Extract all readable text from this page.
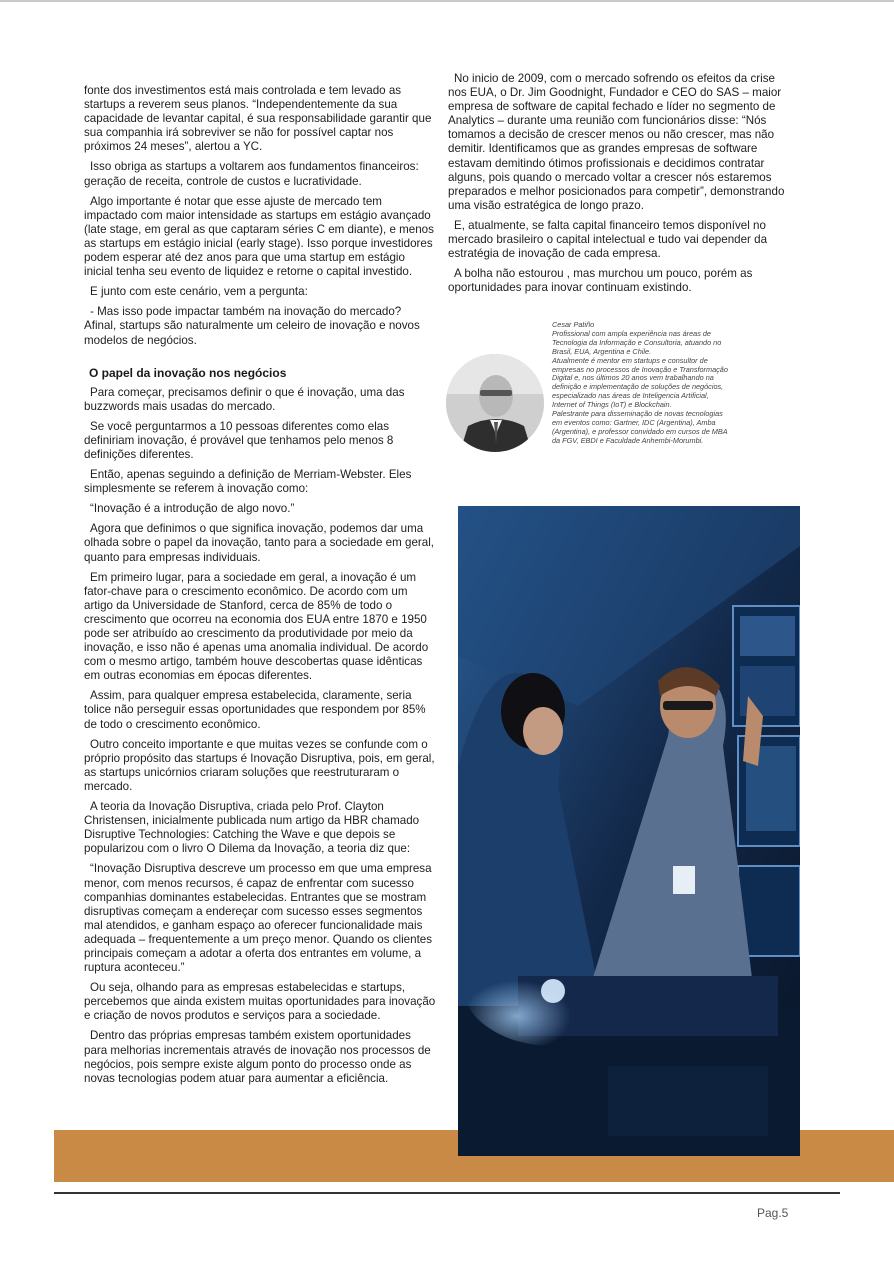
fonte dos investimentos está mais controlada e tem levado as startups a reverem seus planos. “Independentemente da sua capacidade de levantar capital, é sua responsabilidade garantir que sua companhia irá sobreviver se não for possível captar nos próximos 24 meses”, alertou a YC.

Isso obriga as startups a voltarem aos fundamentos financeiros: geração de receita, controle de custos e lucratividade.

Algo importante é notar que esse ajuste de mercado tem impactado com maior intensidade as startups em estágio avançado (late stage, em geral as que captaram séries C em diante), e menos as startups em estágio inicial (early stage). Isso porque investidores podem esperar até dez anos para que uma startup em estágio inicial tenha seu evento de liquidez e retorne o capital investido.

E junto com este cenário, vem a pergunta:

- Mas isso pode impactar também na inovação do mercado? Afinal, startups são naturalmente um celeiro de inovação e novos modelos de negócios.

O papel da inovação nos negócios

Para começar, precisamos definir o que é inovação, uma das buzzwords mais usadas do mercado.

Se você perguntarmos a 10 pessoas diferentes como elas definiriam inovação, é provável que tenhamos pelo menos 8 definições diferentes.

Então, apenas seguindo a definição de Merriam-Webster. Eles simplesmente se referem à inovação como:

“Inovação é a introdução de algo novo.”

Agora que definimos o que significa inovação, podemos dar uma olhada sobre o papel da inovação, tanto para a sociedade em geral, quanto para empresas individuais.

Em primeiro lugar, para a sociedade em geral, a inovação é um fator-chave para o crescimento econômico. De acordo com um artigo da Universidade de Stanford, cerca de 85% de todo o crescimento que ocorreu na economia dos EUA entre 1870 e 1950 pode ser atribuído ao crescimento da produtividade por meio da inovação, e isso não é apenas uma anomalia individual. De acordo com o mesmo artigo, também houve descobertas quase idênticas em outras economias em épocas diferentes.

Assim, para qualquer empresa estabelecida, claramente, seria tolice não perseguir essas oportunidades que respondem por 85% de todo o crescimento econômico.

Outro conceito importante e que muitas vezes se confunde com o próprio propósito das startups é Inovação Disruptiva, pois, em geral, as startups unicórnios criaram soluções que reestruturaram o mercado.

A teoria da Inovação Disruptiva, criada pelo Prof. Clayton Christensen, inicialmente publicada num artigo da HBR chamado Disruptive Technologies: Catching the Wave e que depois se popularizou com o livro O Dilema da Inovação, a teoria diz que:

“Inovação Disruptiva descreve um processo em que uma empresa menor, com menos recursos, é capaz de enfrentar com sucesso companhias dominantes estabelecidas. Entrantes que se mostram disruptivas começam a endereçar com sucesso esses segmentos mal atendidos, e ganham espaço ao oferecer funcionalidade mais adequada – frequentemente a um preço menor. Quando os clientes principais começam a adotar a oferta dos entrantes em volume, a ruptura aconteceu.”

Ou seja, olhando para as empresas estabelecidas e startups, percebemos que ainda existem muitas oportunidades para inovação e criação de novos produtos e serviços para a sociedade.

Dentro das próprias empresas também existem oportunidades para melhorias incrementais através de inovação nos processos de negócios, pois sempre existe algum ponto do processo onde as novas tecnologias podem atuar para aumentar a eficiência.

No inicio de 2009, com o mercado sofrendo os efeitos da crise nos EUA, o Dr. Jim Goodnight, Fundador e CEO do SAS – maior empresa de software de capital fechado e líder no segmento de Analytics – durante uma reunião com funcionários disse: “Nós tomamos a decisão de crescer menos ou não crescer, mas não demitir. Identificamos que as grandes empresas de software estavam demitindo ótimos profissionais e decidimos contratar alguns, pois quando o mercado voltar a crescer nós estaremos preparados e melhor posicionados para competir”, demonstrando uma visão estratégica de longo prazo.

E, atualmente, se falta capital financeiro temos disponível no mercado brasileiro o capital intelectual e tudo vai depender da estratégia de inovação de cada empresa.

A bolha não estourou , mas murchou um pouco, porém as oportunidades para inovar continuam existindo.

Cesar Patiño
Profissional com ampla experiência nas áreas de
Tecnologia da Informação e Consultoria, atuando no
Brasil, EUA, Argentina e Chile.
Atualmente é mentor em startups e consultor de
empresas no processos de Inovação e Transformação
Digital e, nos últimos 20 anos vem trabalhando na
definição e implementação de soluções de negócios,
especializado nas áreas de Inteligencia Artificial,
Internet of Things (IoT) e Blockchain.
Palestrante para disseminação de novas tecnologias
em eventos como: Gartner, IDC (Argentina), Amba
(Argentina), e professor convidado em cursos de MBA
da FGV, EBDI e Faculdade Anhembi-Morumbi.
Pag.5
